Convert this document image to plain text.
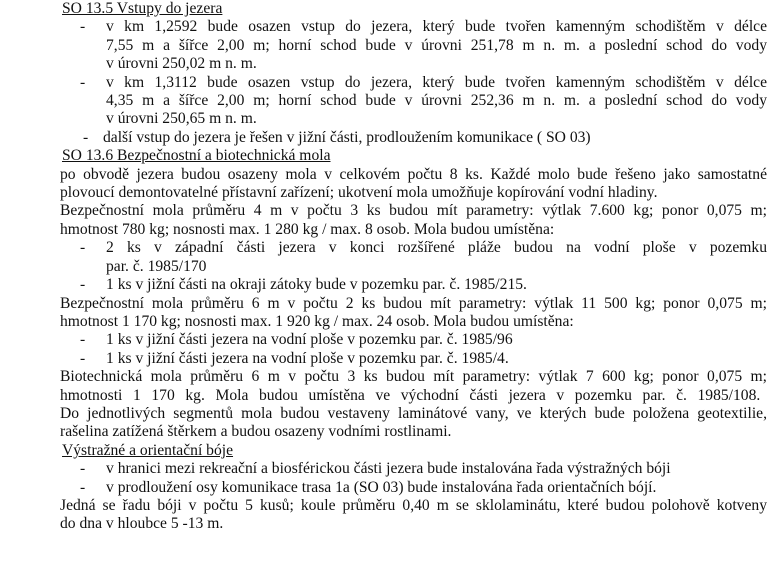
SO 13.5 Vstupy do jezera
- v km 1,2592 bude osazen vstup do jezera, který bude tvořen kamenným schodištěm v délce
7,55 m a šířce 2,00 m; horní schod bude v úrovni 251,78 m n. m. a poslední schod do vody
v úrovni 250,02 m n. m.
- v km 1,3112 bude osazen vstup do jezera, který bude tvořen kamenným schodištěm v délce
4,35 m a šířce 2,00 m; horní schod bude v úrovni 252,36 m n. m. a poslední schod do vody
v úrovni 250,65 m n. m.
- další vstup do jezera je řešen v jižní části, prodloužením komunikace ( SO 03)
SO 13.6 Bezpečnostní a biotechnická mola
po obvodě jezera budou osazeny mola v celkovém počtu 8 ks. Každé molo bude řešeno jako samostatné
plovoucí demontovatelné přístavní zařízení; ukotvení mola umožňuje kopírování vodní hladiny.
Bezpečnostní mola průměru 4 m v počtu 3 ks budou mít parametry: výtlak 7.600 kg; ponor 0,075 m;
hmotnost 780 kg; nosnosti max. 1 280 kg / max. 8 osob. Mola budou umístěna:
- 2 ks v západní části jezera v konci rozšířené pláže budou na vodní ploše v pozemku
par. č. 1985/170
- 1 ks v jižní části na okraji zátoky bude v pozemku par. č. 1985/215.
Bezpečnostní mola průměru 6 m v počtu 2 ks budou mít parametry: výtlak 11 500 kg; ponor 0,075 m;
hmotnost 1 170 kg; nosnosti max. 1 920 kg / max. 24 osob. Mola budou umístěna:
- 1 ks v jižní části jezera na vodní ploše v pozemku par. č. 1985/96
- 1 ks v jižní části jezera na vodní ploše v pozemku par. č. 1985/4.
Biotechnická mola průměru 6 m v počtu 3 ks budou mít parametry: výtlak 7 600 kg; ponor 0,075 m;
hmotnosti 1 170 kg. Mola budou umístěna ve východní části jezera v pozemku par. č. 1985/108.
Do jednotlivých segmentů mola budou vestaveny laminátové vany, ve kterých bude položena geotextilie,
rašelina zatížená štěrkem a budou osazeny vodními rostlinami.
Výstražné a orientační bóje
- v hranici mezi rekreační a biosférickou části jezera bude instalována řada výstražných bóji
- v prodloužení osy komunikace trasa 1a (SO 03) bude instalována řada orientačních bójí.
Jedná se řadu bóji v počtu 5 kusů; koule průměru 0,40 m se sklolaminátu, které budou polohově kotveny
do dna v hloubce 5 -13 m.
